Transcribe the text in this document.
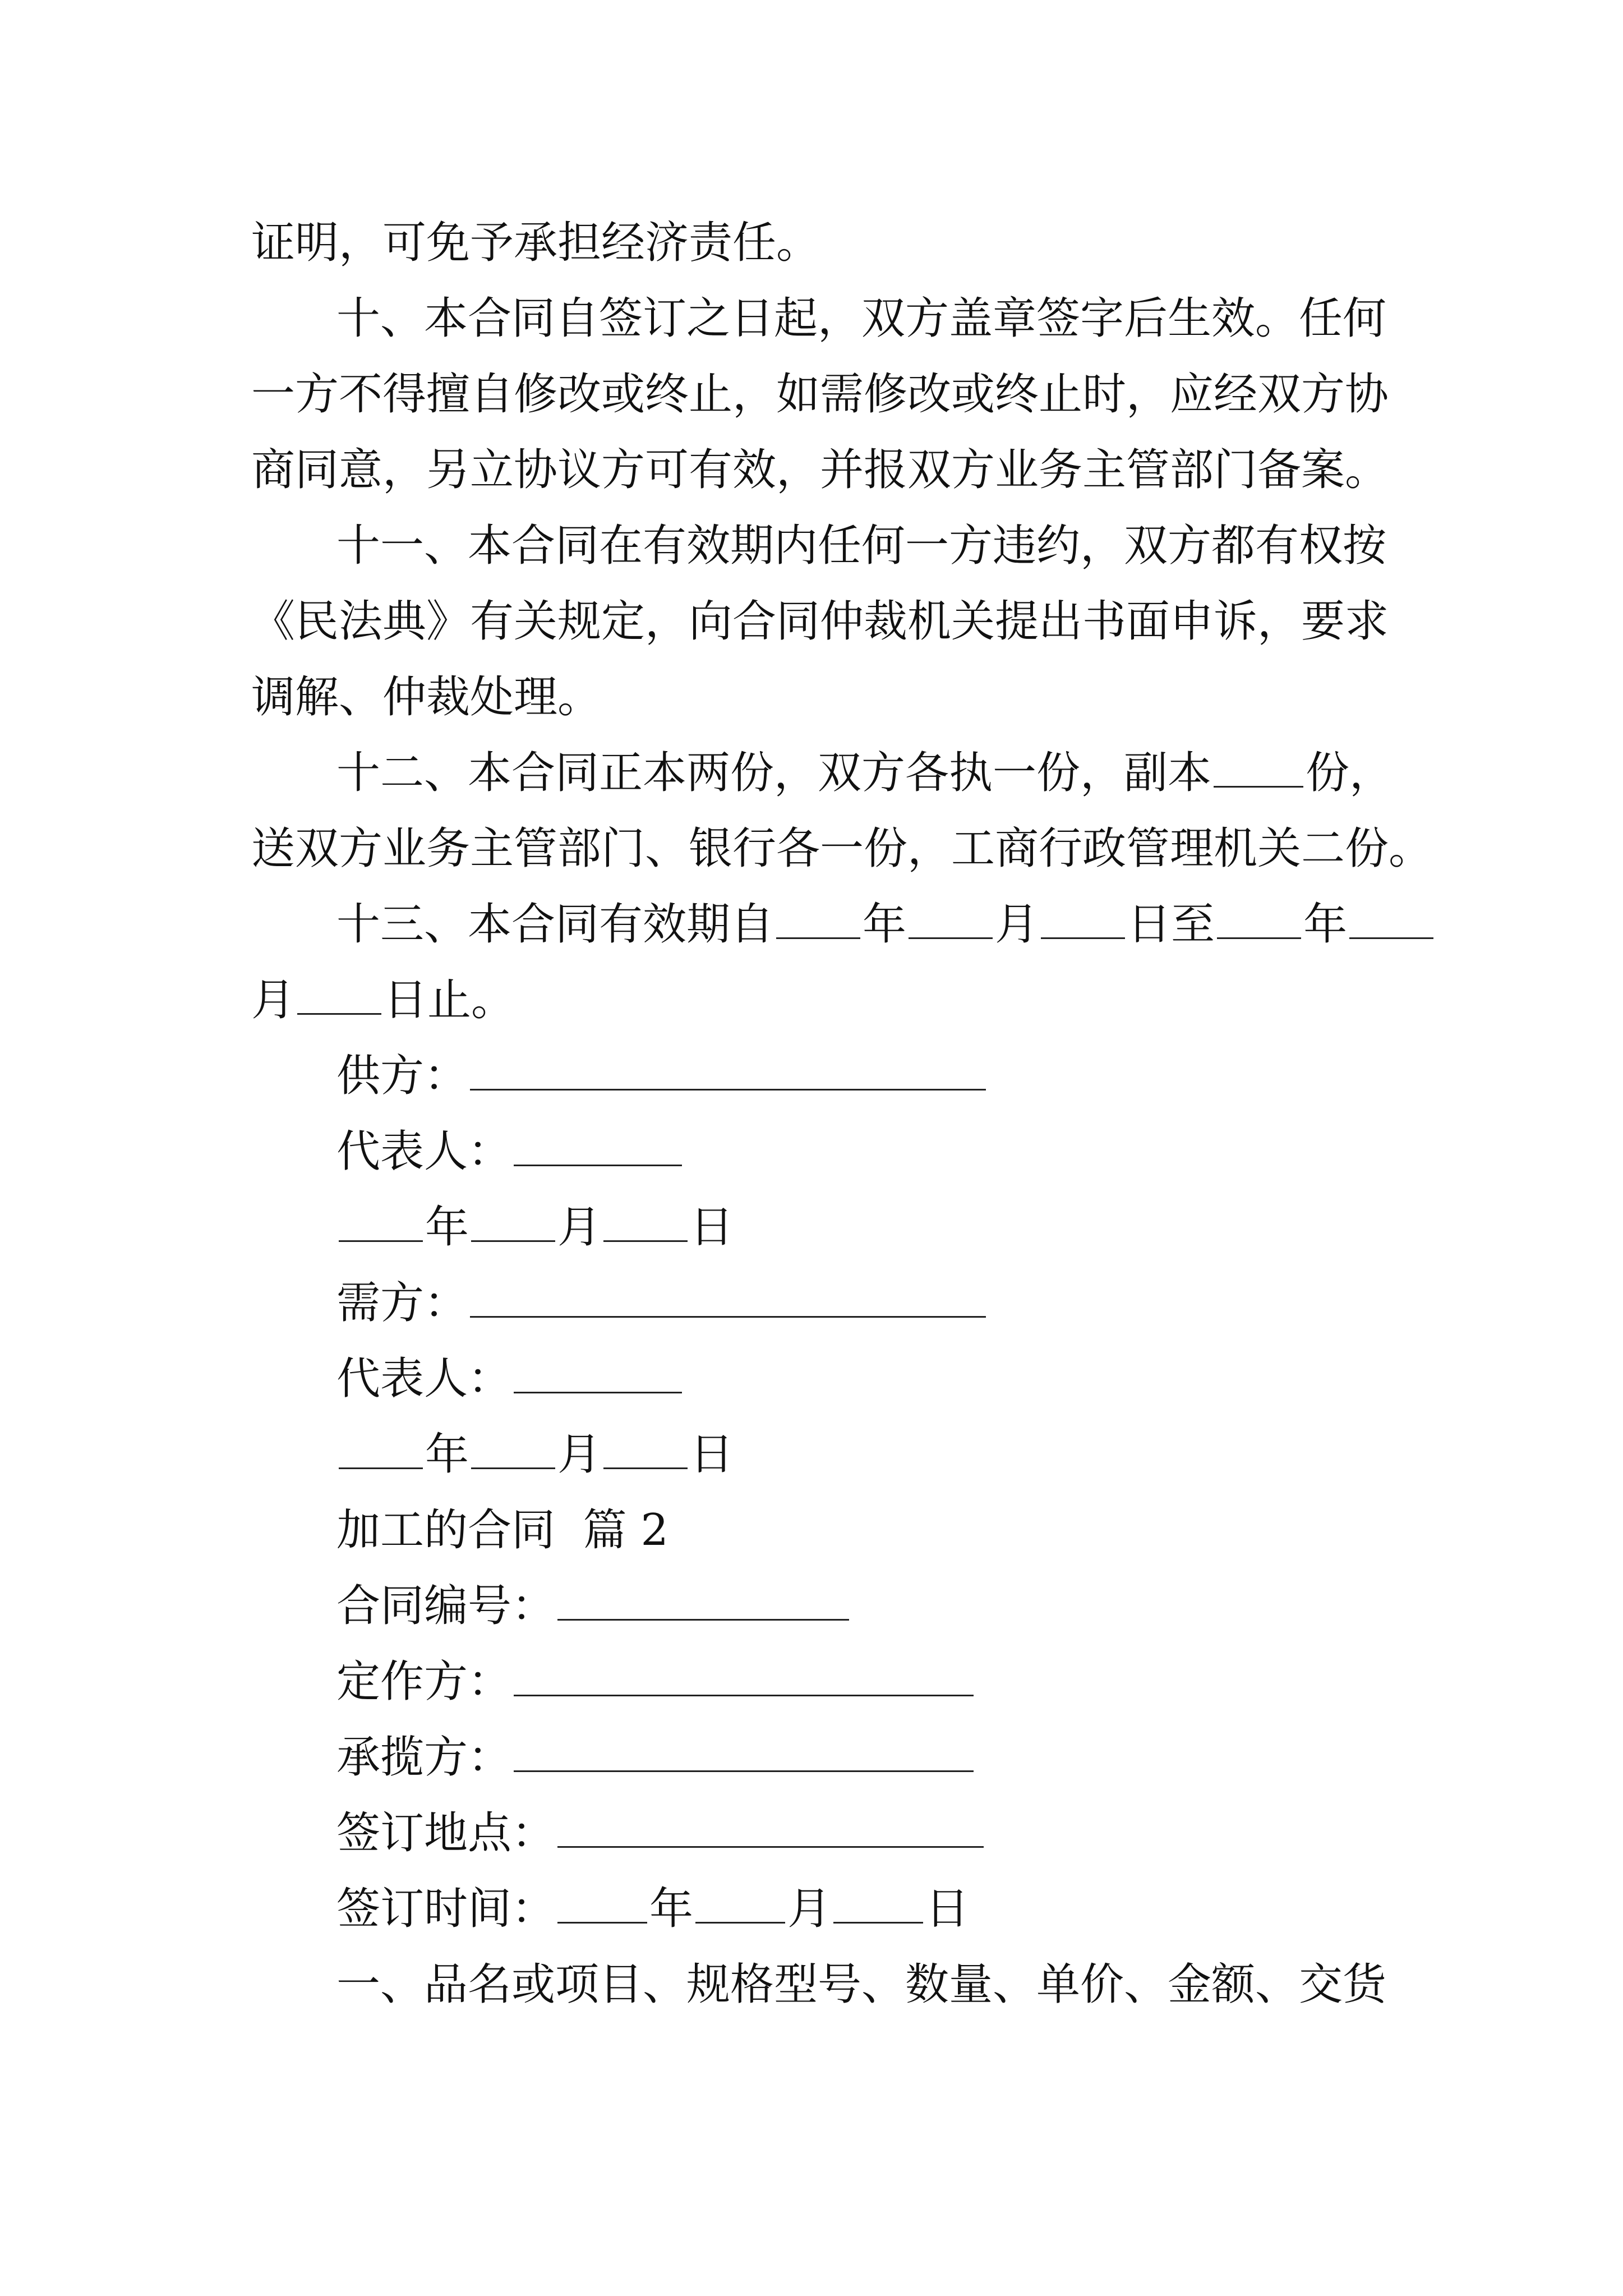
证明，可免予承担经济责任。
十、本合同自签订之日起，双方盖章签字后生效。任何
一方不得擅自修改或终止，如需修改或终止时，应经双方协
商同意，另立协议方可有效，并报双方业务主管部门备案。
十一、本合同在有效期内任何一方违约，双方都有权按
《民法典》有关规定，向合同仲裁机关提出书面申诉，要求
调解、仲裁处理。
十二、本合同正本两份，双方各执一份，副本 份，
送双方业务主管部门、银行各一份，工商行政管理机关二份。
十三、本合同有效期自 年 月 日至 年
月 日止。
供方：
代表人：
年 月 日
需方：
代表人：
年 月 日
加工的合同  篇 2
合同编号：
定作方：
承揽方：
签订地点：
签订时间： 年 月 日
一、品名或项目、规格型号、数量、单价、金额、交货
